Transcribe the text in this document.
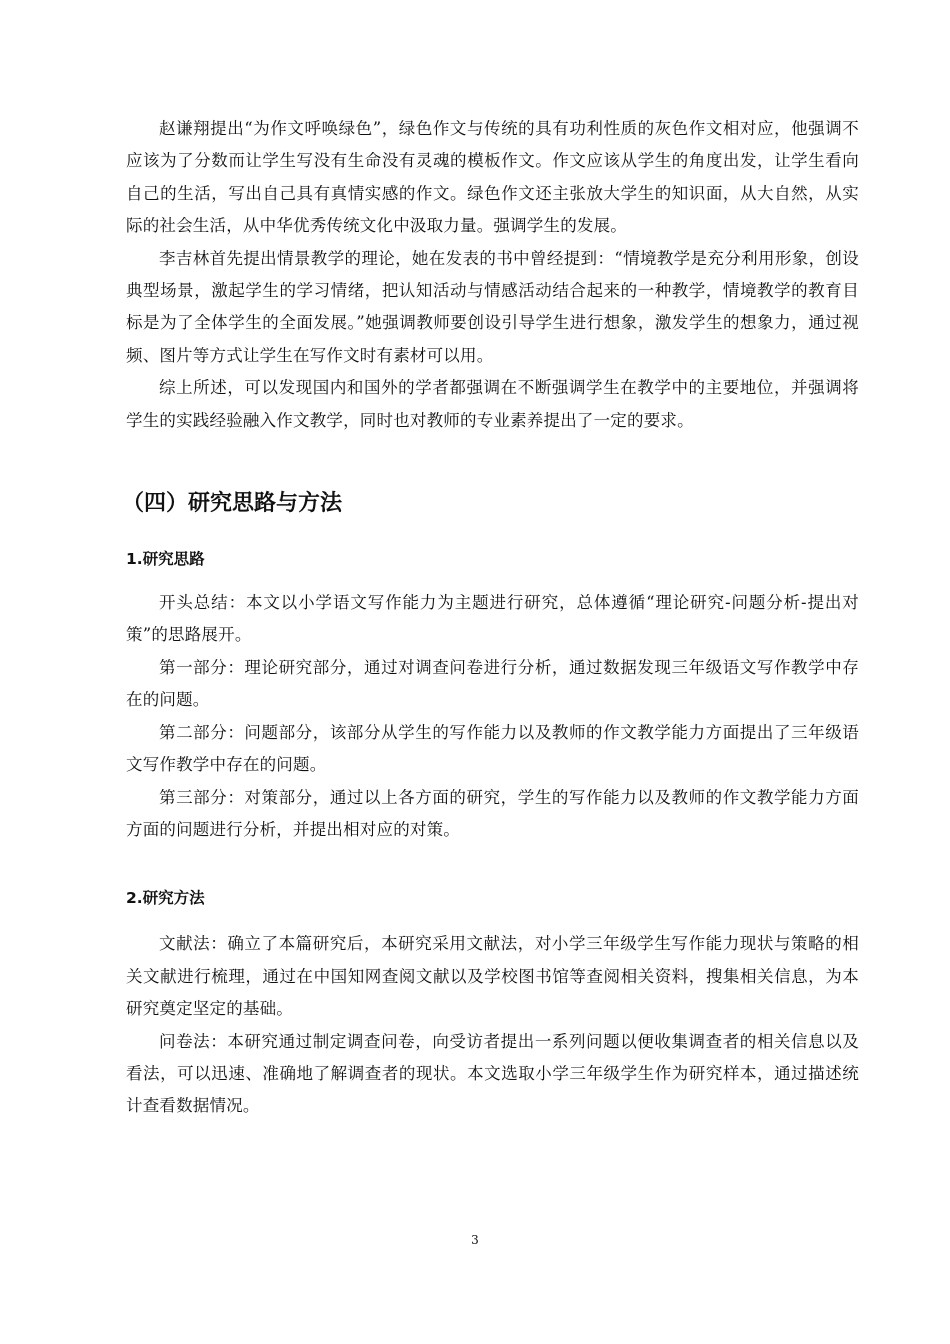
赵谦翔提出“为作文呼唤绿色”，绿色作文与传统的具有功利性质的灰色作文相对应，他强调不应该为了分数而让学生写没有生命没有灵魂的模板作文。作文应该从学生的角度出发，让学生看向自己的生活，写出自己具有真情实感的作文。绿色作文还主张放大学生的知识面，从大自然，从实际的社会生活，从中华优秀传统文化中汲取力量。强调学生的发展。

李吉林首先提出情景教学的理论，她在发表的书中曾经提到：“情境教学是充分利用形象，创设典型场景，激起学生的学习情绪，把认知活动与情感活动结合起来的一种教学，情境教学的教育目标是为了全体学生的全面发展。”她强调教师要创设引导学生进行想象，激发学生的想象力，通过视频、图片等方式让学生在写作文时有素材可以用。

综上所述，可以发现国内和国外的学者都强调在不断强调学生在教学中的主要地位，并强调将学生的实践经验融入作文教学，同时也对教师的专业素养提出了一定的要求。

（四）研究思路与方法
1.研究思路

开头总结：本文以小学语文写作能力为主题进行研究，总体遵循“理论研究-问题分析-提出对策”的思路展开。

第一部分：理论研究部分，通过对调查问卷进行分析，通过数据发现三年级语文写作教学中存在的问题。

第二部分：问题部分，该部分从学生的写作能力以及教师的作文教学能力方面提出了三年级语文写作教学中存在的问题。

第三部分：对策部分，通过以上各方面的研究，学生的写作能力以及教师的作文教学能力方面方面的问题进行分析，并提出相对应的对策。

2.研究方法

文献法：确立了本篇研究后，本研究采用文献法，对小学三年级学生写作能力现状与策略的相关文献进行梳理，通过在中国知网查阅文献以及学校图书馆等查阅相关资料，搜集相关信息，为本研究奠定坚定的基础。

问卷法：本研究通过制定调查问卷，向受访者提出一系列问题以便收集调查者的相关信息以及看法，可以迅速、准确地了解调查者的现状。本文选取小学三年级学生作为研究样本，通过描述统计查看数据情况。

3
